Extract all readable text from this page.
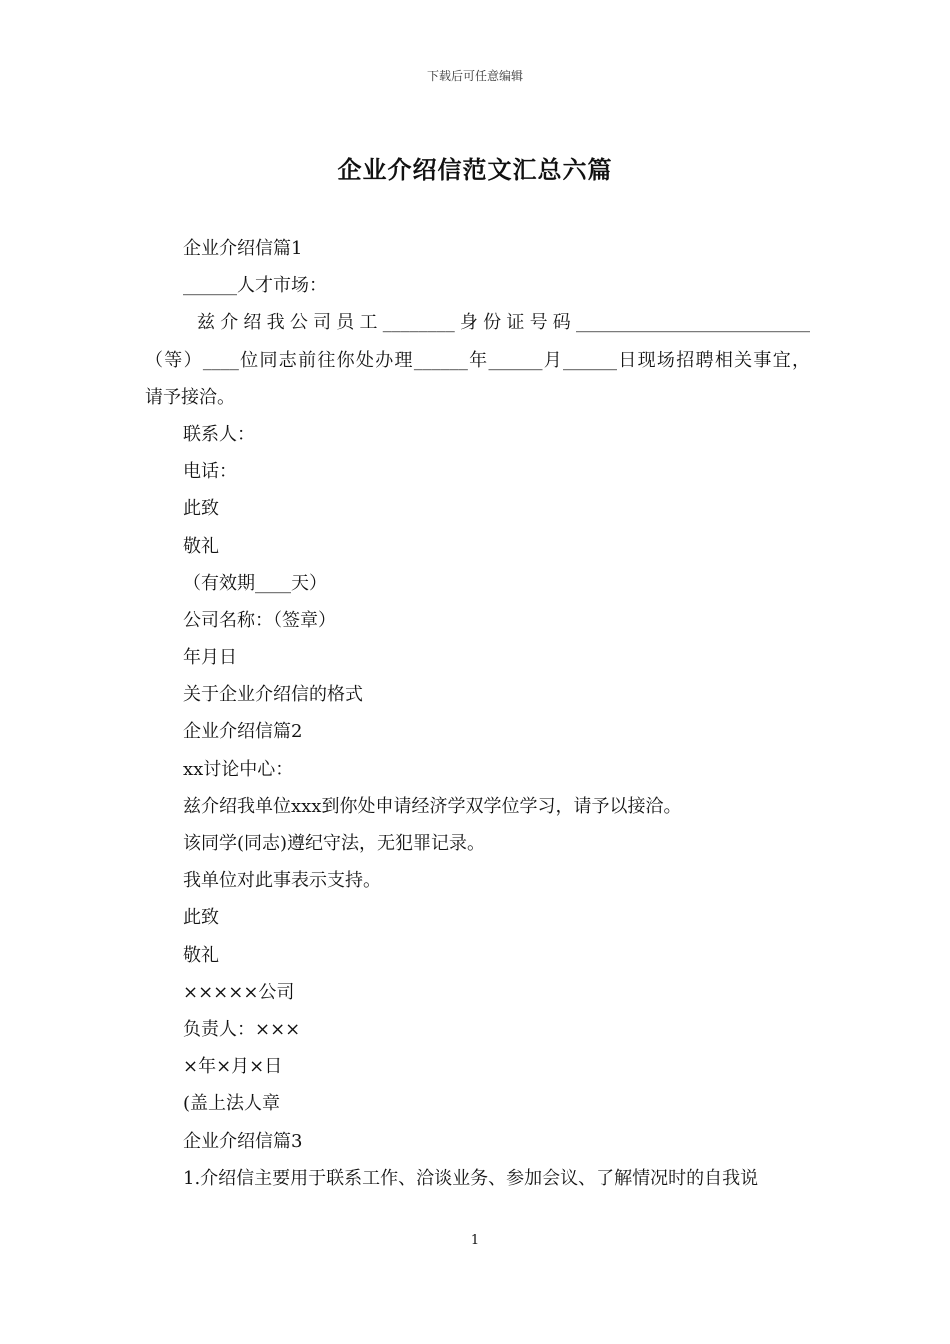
下载后可任意编辑
企业介绍信范文汇总六篇
企业介绍信篇1
______人才市场：
兹介绍我公司员工________身份证号码__________________________
（等）____位同志前往你处办理______年______月______日现场招聘相关事宜，
请予接洽。
联系人：
电话：
此致
敬礼
（有效期____天）
公司名称：（签章）
年月日
关于企业介绍信的格式
企业介绍信篇2
xx讨论中心：
兹介绍我单位xxx到你处申请经济学双学位学习，请予以接洽。
该同学(同志)遵纪守法，无犯罪记录。
我单位对此事表示支持。
此致
敬礼
×××××公司
负责人：×××
×年×月×日
(盖上法人章
企业介绍信篇3
1.介绍信主要用于联系工作、洽谈业务、参加会议、了解情况时的自我说
1
